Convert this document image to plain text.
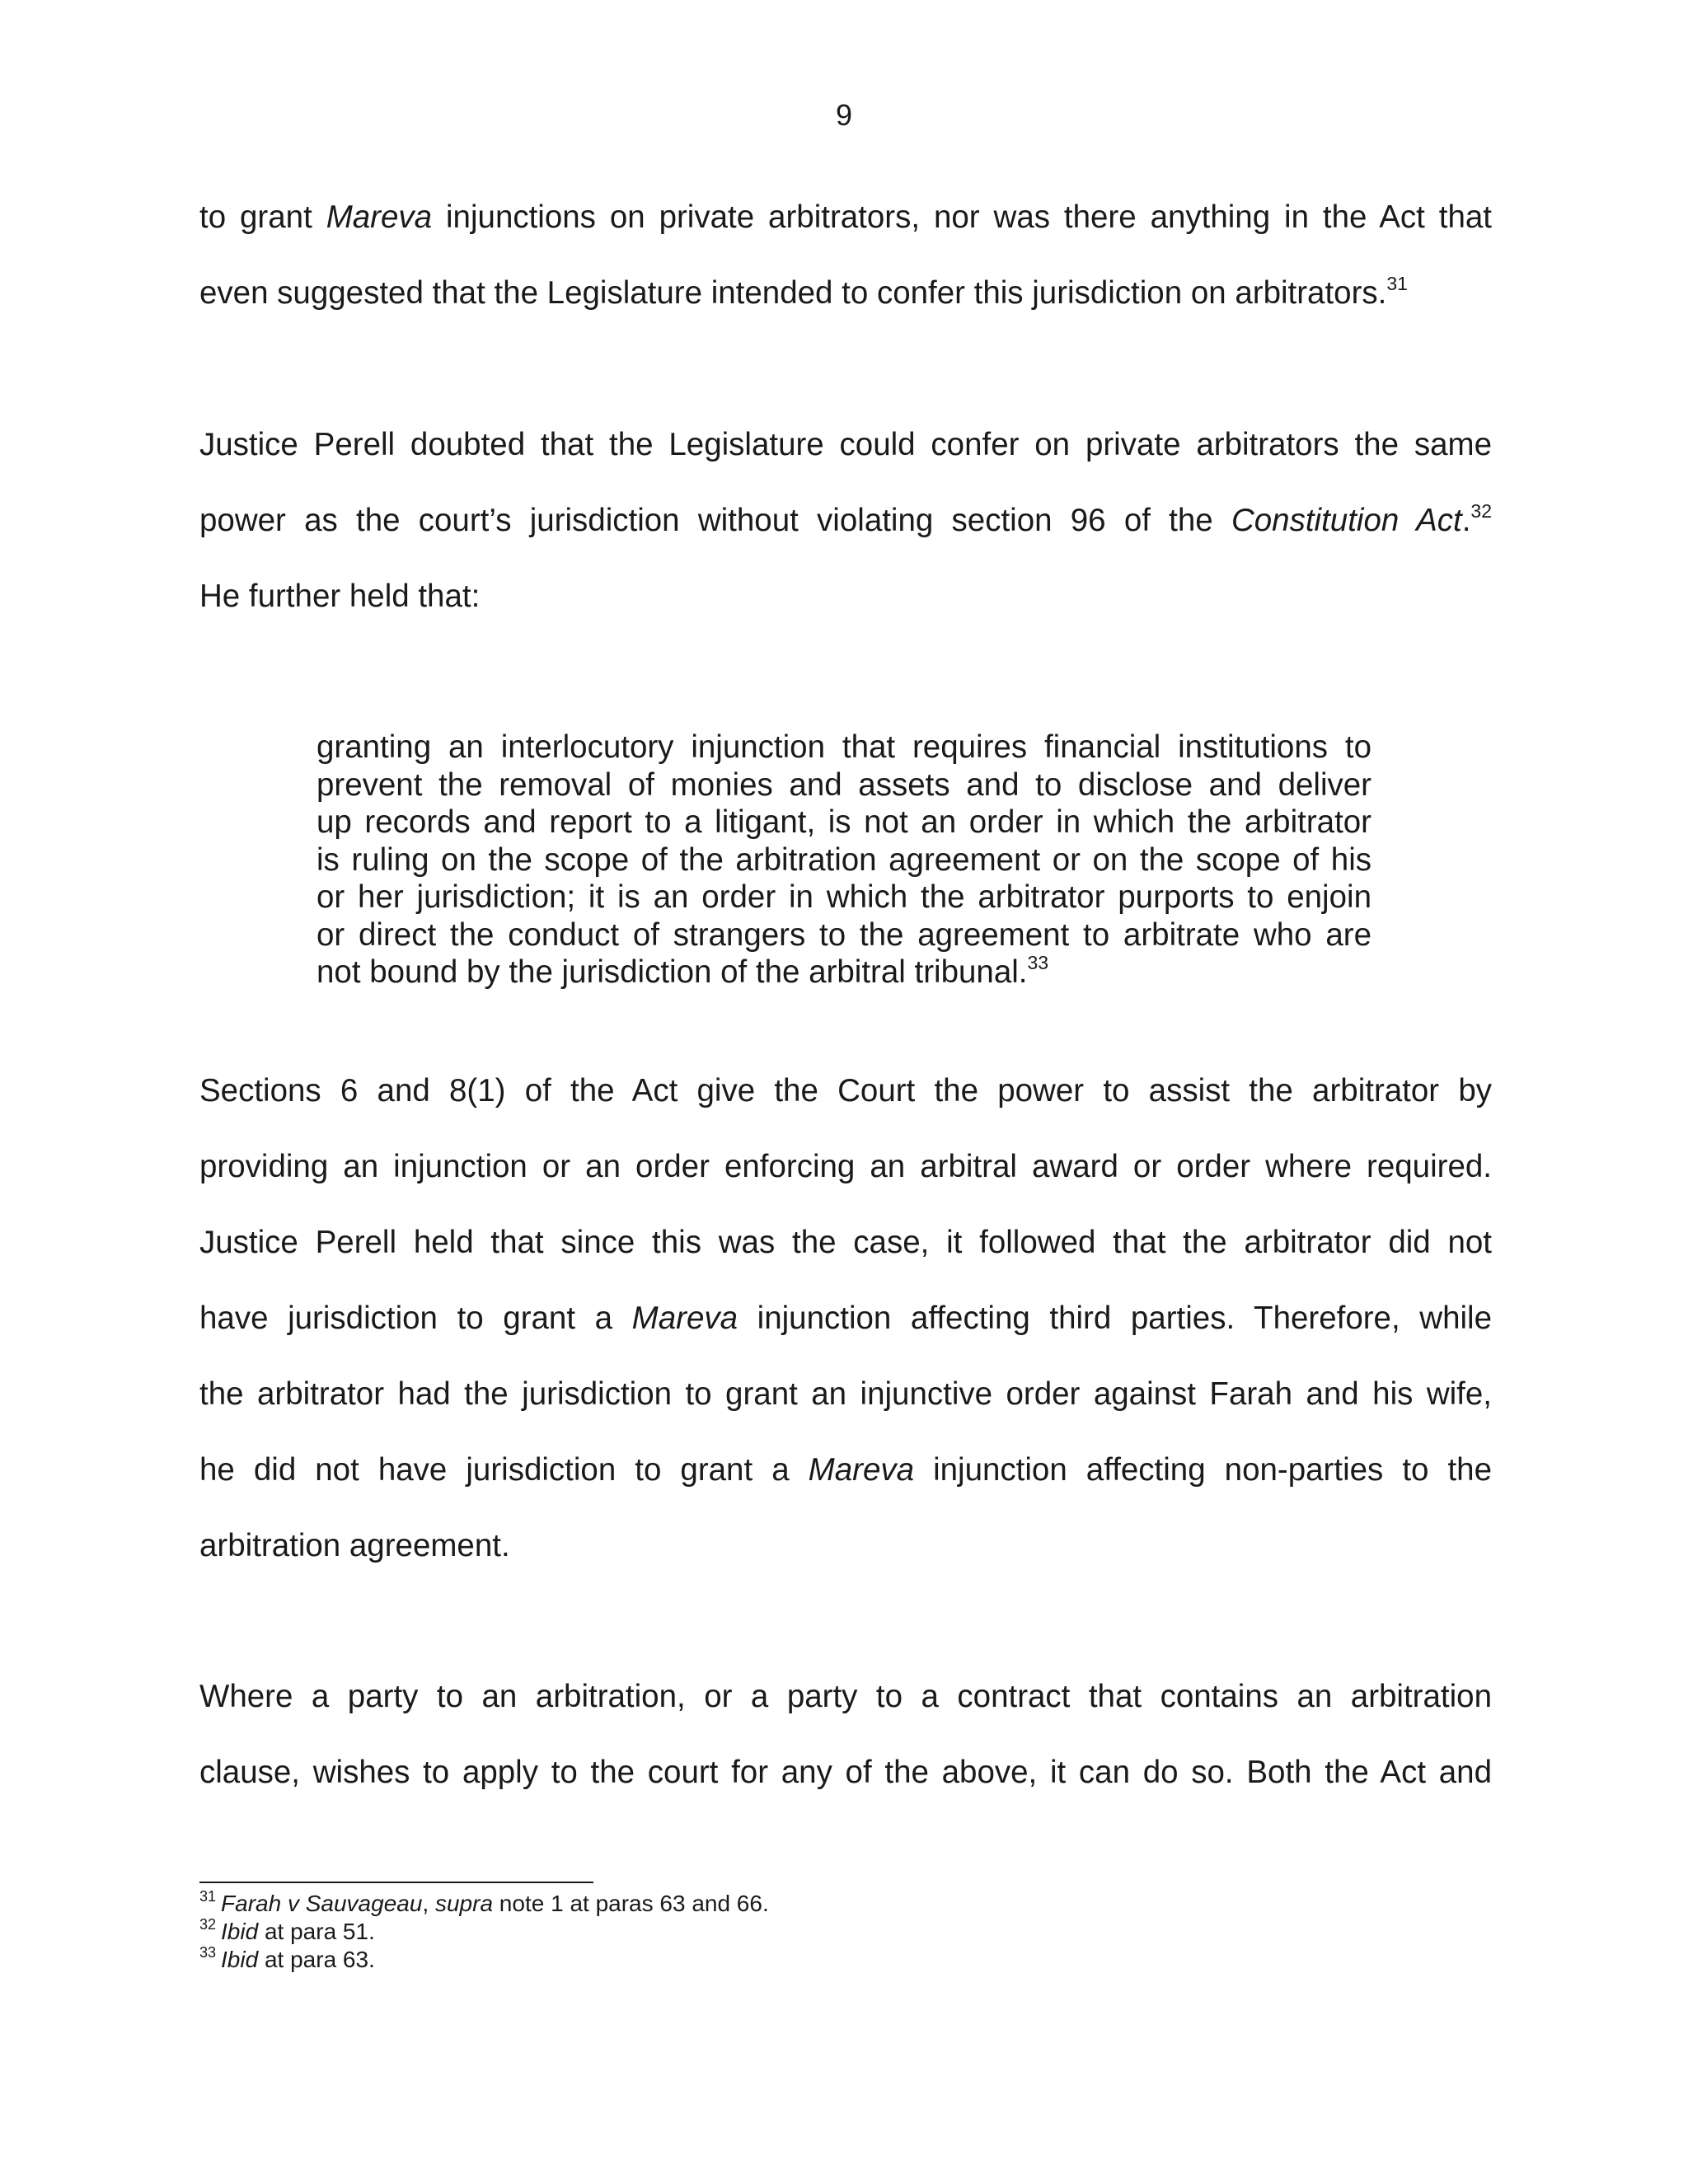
9
to grant Mareva injunctions on private arbitrators, nor was there anything in the Act that
even suggested that the Legislature intended to confer this jurisdiction on arbitrators.$^{31}$
Justice Perell doubted that the Legislature could confer on private arbitrators the same
power as the court’s jurisdiction without violating section 96 of the Constitution Act.$^{32}$
He further held that:
granting an interlocutory injunction that requires financial institutions to
prevent the removal of monies and assets and to disclose and deliver
up records and report to a litigant, is not an order in which the arbitrator
is ruling on the scope of the arbitration agreement or on the scope of his
or her jurisdiction; it is an order in which the arbitrator purports to enjoin
or direct the conduct of strangers to the agreement to arbitrate who are
not bound by the jurisdiction of the arbitral tribunal.$^{33}$
Sections 6 and 8(1) of the Act give the Court the power to assist the arbitrator by
providing an injunction or an order enforcing an arbitral award or order where required.
Justice Perell held that since this was the case, it followed that the arbitrator did not
have jurisdiction to grant a Mareva injunction affecting third parties. Therefore, while
the arbitrator had the jurisdiction to grant an injunctive order against Farah and his wife,
he did not have jurisdiction to grant a Mareva injunction affecting non-parties to the
arbitration agreement.
Where a party to an arbitration, or a party to a contract that contains an arbitration
clause, wishes to apply to the court for any of the above, it can do so. Both the Act and
$^{31}$ Farah v Sauvageau, supra note 1 at paras 63 and 66.
$^{32}$ Ibid at para 51.
$^{33}$ Ibid at para 63.
